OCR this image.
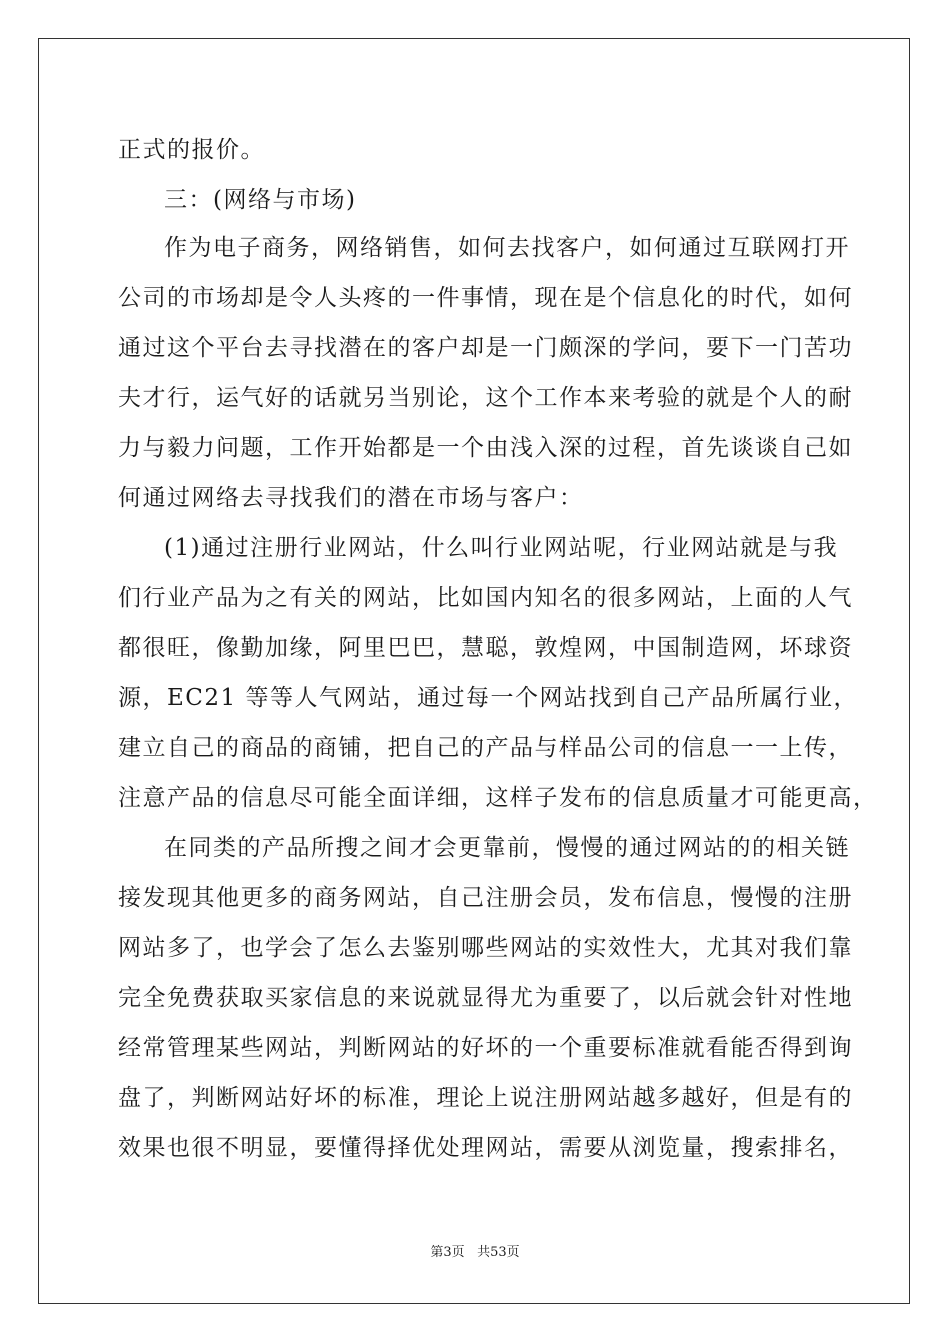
正式的报价。
三：(网络与市场)
作为电子商务，网络销售，如何去找客户，如何通过互联网打开
公司的市场却是令人头疼的一件事情，现在是个信息化的时代，如何
通过这个平台去寻找潜在的客户却是一门颇深的学问，要下一门苦功
夫才行，运气好的话就另当别论，这个工作本来考验的就是个人的耐
力与毅力问题，工作开始都是一个由浅入深的过程，首先谈谈自己如
何通过网络去寻找我们的潜在市场与客户：
(1)通过注册行业网站，什么叫行业网站呢，行业网站就是与我
们行业产品为之有关的网站，比如国内知名的很多网站，上面的人气
都很旺，像勤加缘，阿里巴巴，慧聪，敦煌网，中国制造网，坏球资
源，EC21 等等人气网站，通过每一个网站找到自己产品所属行业，
建立自己的商品的商铺，把自己的产品与样品公司的信息一一上传，
注意产品的信息尽可能全面详细，这样子发布的信息质量才可能更高，
在同类的产品所搜之间才会更靠前，慢慢的通过网站的的相关链
接发现其他更多的商务网站，自己注册会员，发布信息，慢慢的注册
网站多了，也学会了怎么去鉴别哪些网站的实效性大，尤其对我们靠
完全免费获取买家信息的来说就显得尤为重要了，以后就会针对性地
经常管理某些网站，判断网站的好坏的一个重要标准就看能否得到询
盘了，判断网站好坏的标准，理论上说注册网站越多越好，但是有的
效果也很不明显，要懂得择优处理网站，需要从浏览量，搜索排名，
第3页 共53页
